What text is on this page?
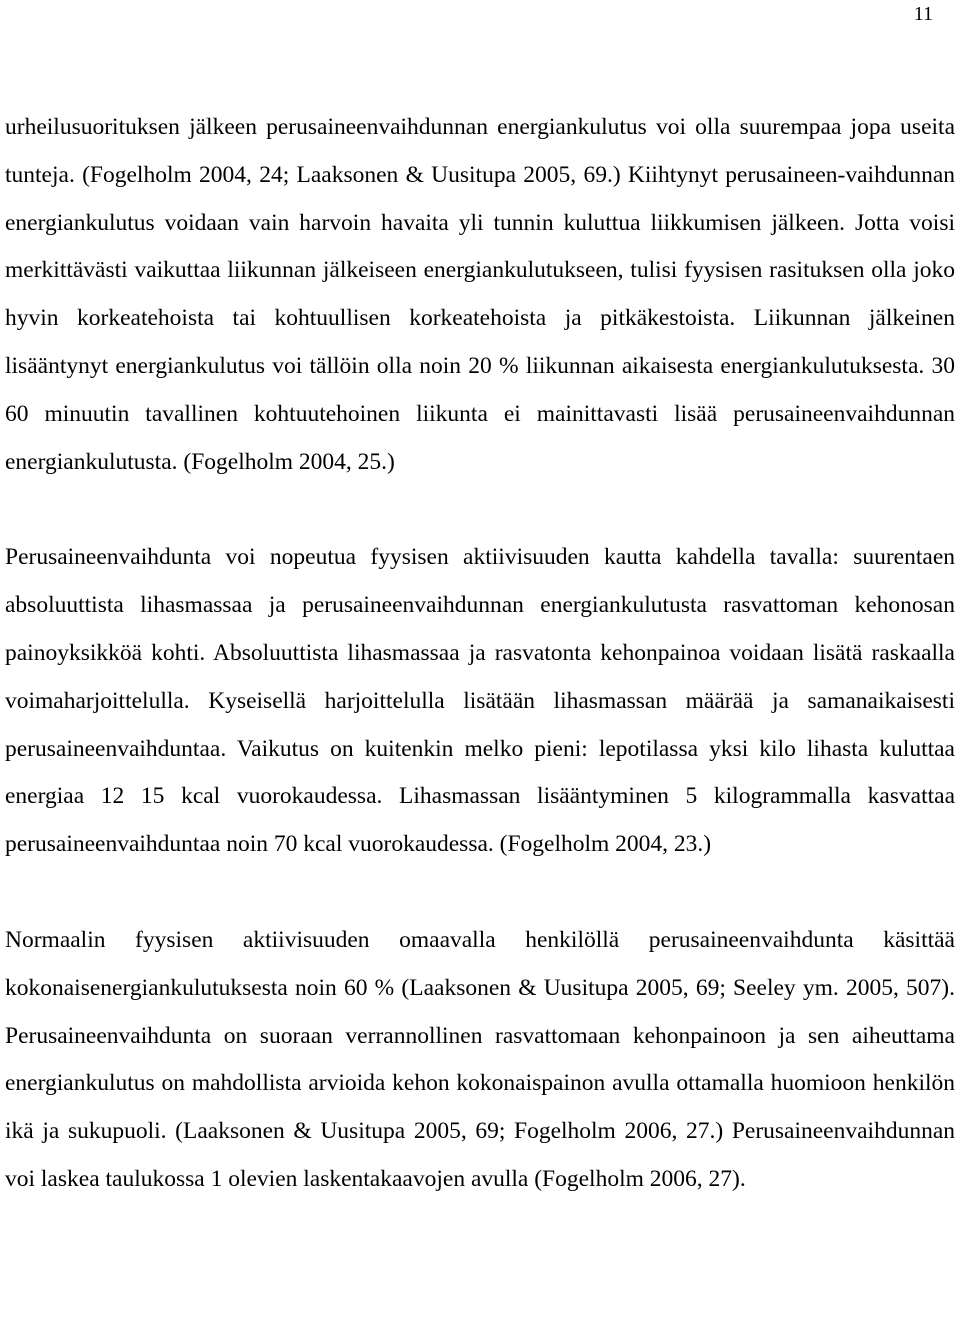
11

urheilusuorituksen jälkeen perusaineenvaihdunnan energiankulutus voi olla suurempaa jopa useita tunteja. (Fogelholm 2004, 24; Laaksonen & Uusitupa 2005, 69.) Kiihtynyt perusaineen-vaihdunnan energiankulutus voidaan vain harvoin havaita yli tunnin kuluttua liikkumisen jälkeen. Jotta voisi merkittävästi vaikuttaa liikunnan jälkeiseen energiankulutukseen, tulisi fyysisen rasituksen olla joko hyvin korkeatehoista tai kohtuullisen korkeatehoista ja pitkäkestoista. Liikunnan jälkeinen lisääntynyt energiankulutus voi tällöin olla noin 20 % liikunnan aikaisesta energiankulutuksesta. 30 60 minuutin tavallinen kohtuutehoinen liikunta ei mainittavasti lisää perusaineenvaihdunnan energiankulutusta. (Fogelholm 2004, 25.)

Perusaineenvaihdunta voi nopeutua fyysisen aktiivisuuden kautta kahdella tavalla: suurentaen absoluuttista lihasmassaa ja perusaineenvaihdunnan energiankulutusta rasvattoman kehonosan painoyksikköä kohti. Absoluuttista lihasmassaa ja rasvatonta kehonpainoa voidaan lisätä raskaalla voimaharjoittelulla. Kyseisellä harjoittelulla lisätään lihasmassan määrää ja samanaikaisesti perusaineenvaihduntaa. Vaikutus on kuitenkin melko pieni: lepotilassa yksi kilo lihasta kuluttaa energiaa 12 15 kcal vuorokaudessa. Lihasmassan lisääntyminen 5 kilogrammalla kasvattaa perusaineenvaihduntaa noin 70 kcal vuorokaudessa. (Fogelholm 2004, 23.)

Normaalin fyysisen aktiivisuuden omaavalla henkilöllä perusaineenvaihdunta käsittää kokonaisenergiankulutuksesta noin 60 % (Laaksonen & Uusitupa 2005, 69; Seeley ym. 2005, 507). Perusaineenvaihdunta on suoraan verrannollinen rasvattomaan kehonpainoon ja sen aiheuttama energiankulutus on mahdollista arvioida kehon kokonaispainon avulla ottamalla huomioon henkilön ikä ja sukupuoli. (Laaksonen & Uusitupa 2005, 69; Fogelholm 2006, 27.) Perusaineenvaihdunnan voi laskea taulukossa 1 olevien laskentakaavojen avulla (Fogelholm 2006, 27).
